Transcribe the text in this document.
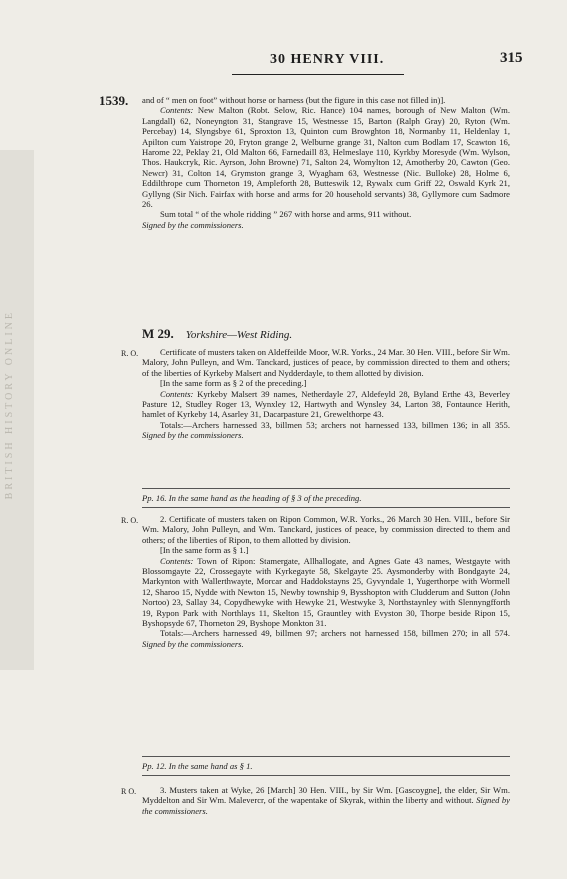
BRITISH HISTORY ONLINE
30 HENRY VIII.	315
1539. and of “ men on foot” without horse or harness (but the figure in this case not filled in)].

Contents: New Malton (Robt. Selow, Ric. Hance) 104 names, borough of New Malton (Wm. Langdall) 62, Noneyngton 31, Stangrave 15, Westnesse 15, Barton (Ralph Gray) 20, Ryton (Wm. Percebay) 14, Slyngsbye 61, Sproxton 13, Quinton cum Browghton 18, Normanby 11, Heldenlay 1, Apilton cum Yaistrope 20, Fryton grange 2, Welburne grange 31, Nalton cum Bodlam 17, Scawton 16, Harome 22, Peklay 21, Old Malton 66, Farnedaill 83, Helmeslaye 110, Kyrkby Moresyde (Wm. Wylson, Thos. Haukcryk, Ric. Ayrson, John Browne) 71, Salton 24, Womylton 12, Amotherby 20, Cawton (Geo. Newcr) 31, Colton 14, Grymston grange 3, Wyagham 63, Westnesse (Nic. Bulloke) 28, Holme 6, Eddilthrope cum Thorneton 19, Ampleforth 28, Butteswik 12, Rywalx cum Griff 22, Oswald Kyrk 21, Gyllyng (Sir Nich. Fairfax with horse and arms for 20 household servants) 38, Gyllymore cum Sadmore 26.

Sum total “ of the whole ridding ” 267 with horse and arms, 911 without.

Signed by the commissioners.

M 29. Yorkshire—West Riding.
R. O.	Certificate of musters taken on Aldeffeilde Moor, W.R. Yorks., 24 Mar. 30 Hen. VIII., before Sir Wm. Malory, John Pulleyn, and Wm. Tanckard, justices of peace, by commission directed to them and others; of the liberties of Kyrkeby Malsert and Nydderdayle, to them allotted by division.

[In the same form as § 2 of the preceding.]

Contents: Kyrkeby Malsert 39 names, Netherdayle 27, Aldefeyld 28, Byland Erthe 43, Beverley Pasture 12, Studley Roger 13, Wynxley 12, Hartwyth and Wynsley 34, Larton 38, Fontaunce Herith, hamlet of Kyrkeby 14, Asarley 31, Dacarpasture 21, Grewelthorpe 43.

Totals:—Archers harnessed 33, billmen 53; archers not harnessed 133, billmen 136; in all 355. Signed by the commissioners.

Pp. 16. In the same hand as the heading of § 3 of the preceding.
R. O.	2. Certificate of musters taken on Ripon Common, W.R. Yorks., 26 March 30 Hen. VIII., before Sir Wm. Malory, John Pulleyn, and Wm. Tanckard, justices of peace, by commission directed to them and others; of the liberties of Ripon, to them allotted by division.

[In the same form as § 1.]

Contents: Town of Ripon: Stamergate, Allhallogate, and Agnes Gate 43 names, Westgayte with Blossomgayte 22, Crossegayte with Kyrkegayte 58, Skelgayte 25. Aysmonderby with Bondgayte 24, Markynton with Wallerthwayte, Morcar and Haddokstayns 25, Gyvyndale 1, Yugerthorpe with Wormell 12, Sharoo 15, Nydde with Newton 15, Newby township 9, Bysshopton with Cludderum and Sutton (John Nortoo) 23, Sallay 34, Copydhewyke with Hewyke 21, Westwyke 3, Northstaynley with Slennyngfforth 19, Rypon Park with Northlays 11, Skelton 15, Grauntley with Evyston 30, Thorpe beside Ripon 15, Byshopsyde 67, Thorneton 29, Byshope Monkton 31.

Totals:—Archers harnessed 49, billmen 97; archers not harnessed 158, billmen 270; in all 574. Signed by the commissioners.

Pp. 12. In the same hand as § 1.
R O.	3. Musters taken at Wyke, 26 [March] 30 Hen. VIII., by Sir Wm. [Gascoygne], the elder, Sir Wm. Myddelton and Sir Wm. Malevercr, of the wapentake of Skyrak, within the liberty and without. Signed by the commissioners.
